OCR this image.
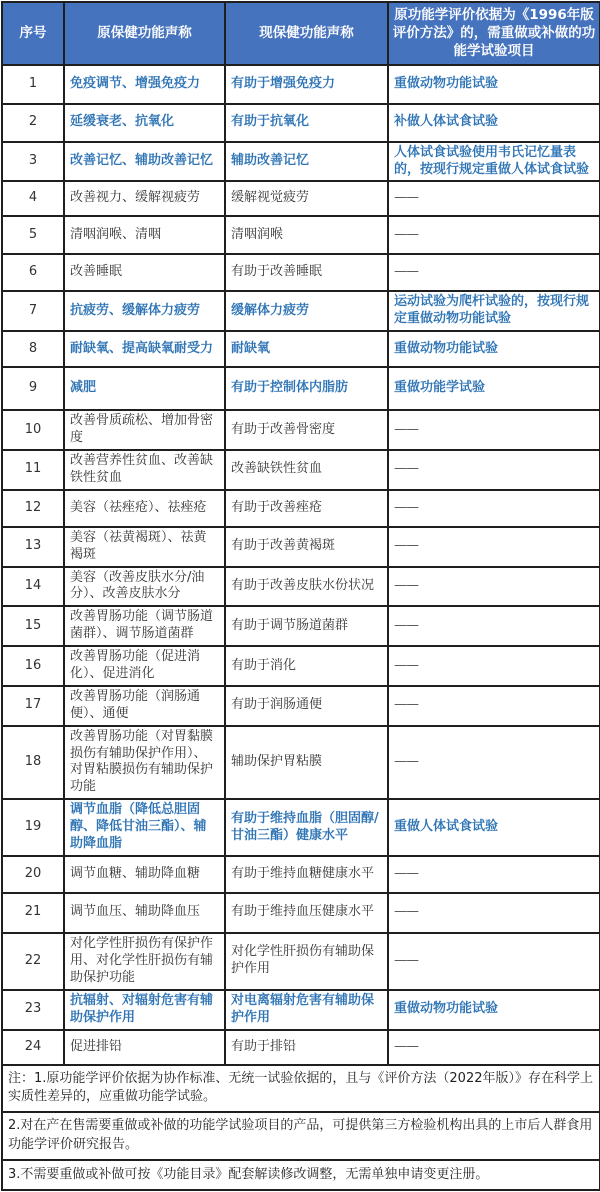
序号	原保健功能声称	现保健功能声称	原功能学评价依据为《1996年版评价方法》的，需重做或补做的功能学试验项目
1	免疫调节、增强免疫力	有助于增强免疫力	重做动物功能试验
2	延缓衰老、抗氧化	有助于抗氧化	补做人体试食试验
3	改善记忆、辅助改善记忆	辅助改善记忆	人体试食试验使用韦氏记忆量表的，按现行规定重做人体试食试验
4	改善视力、缓解视疲劳	缓解视觉疲劳	——
5	清咽润喉、清咽	清咽润喉	——
6	改善睡眠	有助于改善睡眠	——
7	抗疲劳、缓解体力疲劳	缓解体力疲劳	运动试验为爬杆试验的，按现行规定重做动物功能试验
8	耐缺氧、提高缺氧耐受力	耐缺氧	重做动物功能试验
9	减肥	有助于控制体内脂肪	重做功能学试验
10	改善骨质疏松、增加骨密度	有助于改善骨密度	——
11	改善营养性贫血、改善缺铁性贫血	改善缺铁性贫血	——
12	美容（祛痤疮）、祛痤疮	有助于改善痤疮	——
13	美容（祛黄褐斑）、祛黄褐斑	有助于改善黄褐斑	——
14	美容（改善皮肤水分/油分）、改善皮肤水分	有助于改善皮肤水份状况	——
15	改善胃肠功能（调节肠道菌群）、调节肠道菌群	有助于调节肠道菌群	——
16	改善胃肠功能（促进消化）、促进消化	有助于消化	——
17	改善胃肠功能（润肠通便）、通便	有助于润肠通便	——
18	改善胃肠功能（对胃黏膜损伤有辅助保护作用）、对胃粘膜损伤有辅助保护功能	辅助保护胃粘膜	——
19	调节血脂（降低总胆固醇、降低甘油三酯）、辅助降血脂	有助于维持血脂（胆固醇/甘油三酯）健康水平	重做人体试食试验
20	调节血糖、辅助降血糖	有助于维持血糖健康水平	——
21	调节血压、辅助降血压	有助于维持血压健康水平	——
22	对化学性肝损伤有保护作用、对化学性肝损伤有辅助保护功能	对化学性肝损伤有辅助保护作用	——
23	抗辐射、对辐射危害有辅助保护作用	对电离辐射危害有辅助保护作用	重做动物功能试验
24	促进排铅	有助于排铅	——
注：1.原功能学评价依据为协作标准、无统一试验依据的，且与《评价方法（2022年版）》存在科学上实质性差异的，应重做功能学试验。			
2.对在产在售需要重做或补做的功能学试验项目的产品，可提供第三方检验机构出具的上市后人群食用功能学评价研究报告。			
3.不需要重做或补做可按《功能目录》配套解读修改调整，无需单独申请变更注册。			
